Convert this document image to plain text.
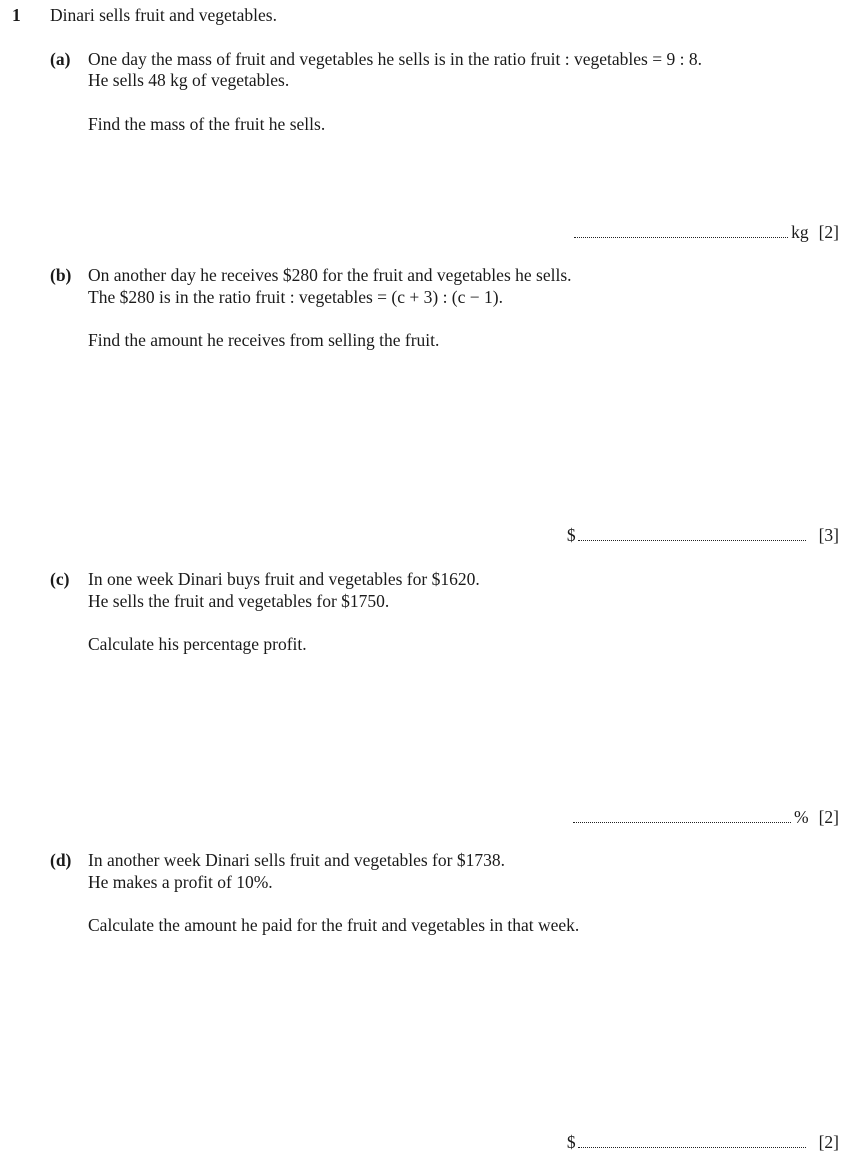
1 Dinari sells fruit and vegetables.
(a) One day the mass of fruit and vegetables he sells is in the ratio fruit : vegetables = 9 : 8.
He sells 48 kg of vegetables.
Find the mass of the fruit he sells.
kg [2]
(b) On another day he receives $280 for the fruit and vegetables he sells.
The $280 is in the ratio fruit : vegetables = (c + 3) : (c − 1).
Find the amount he receives from selling the fruit.
$	[3]
(c) In one week Dinari buys fruit and vegetables for $1620.
He sells the fruit and vegetables for $1750.
Calculate his percentage profit.
% [2]
(d) In another week Dinari sells fruit and vegetables for $1738.
He makes a profit of 10%.
Calculate the amount he paid for the fruit and vegetables in that week.
$	[2]
